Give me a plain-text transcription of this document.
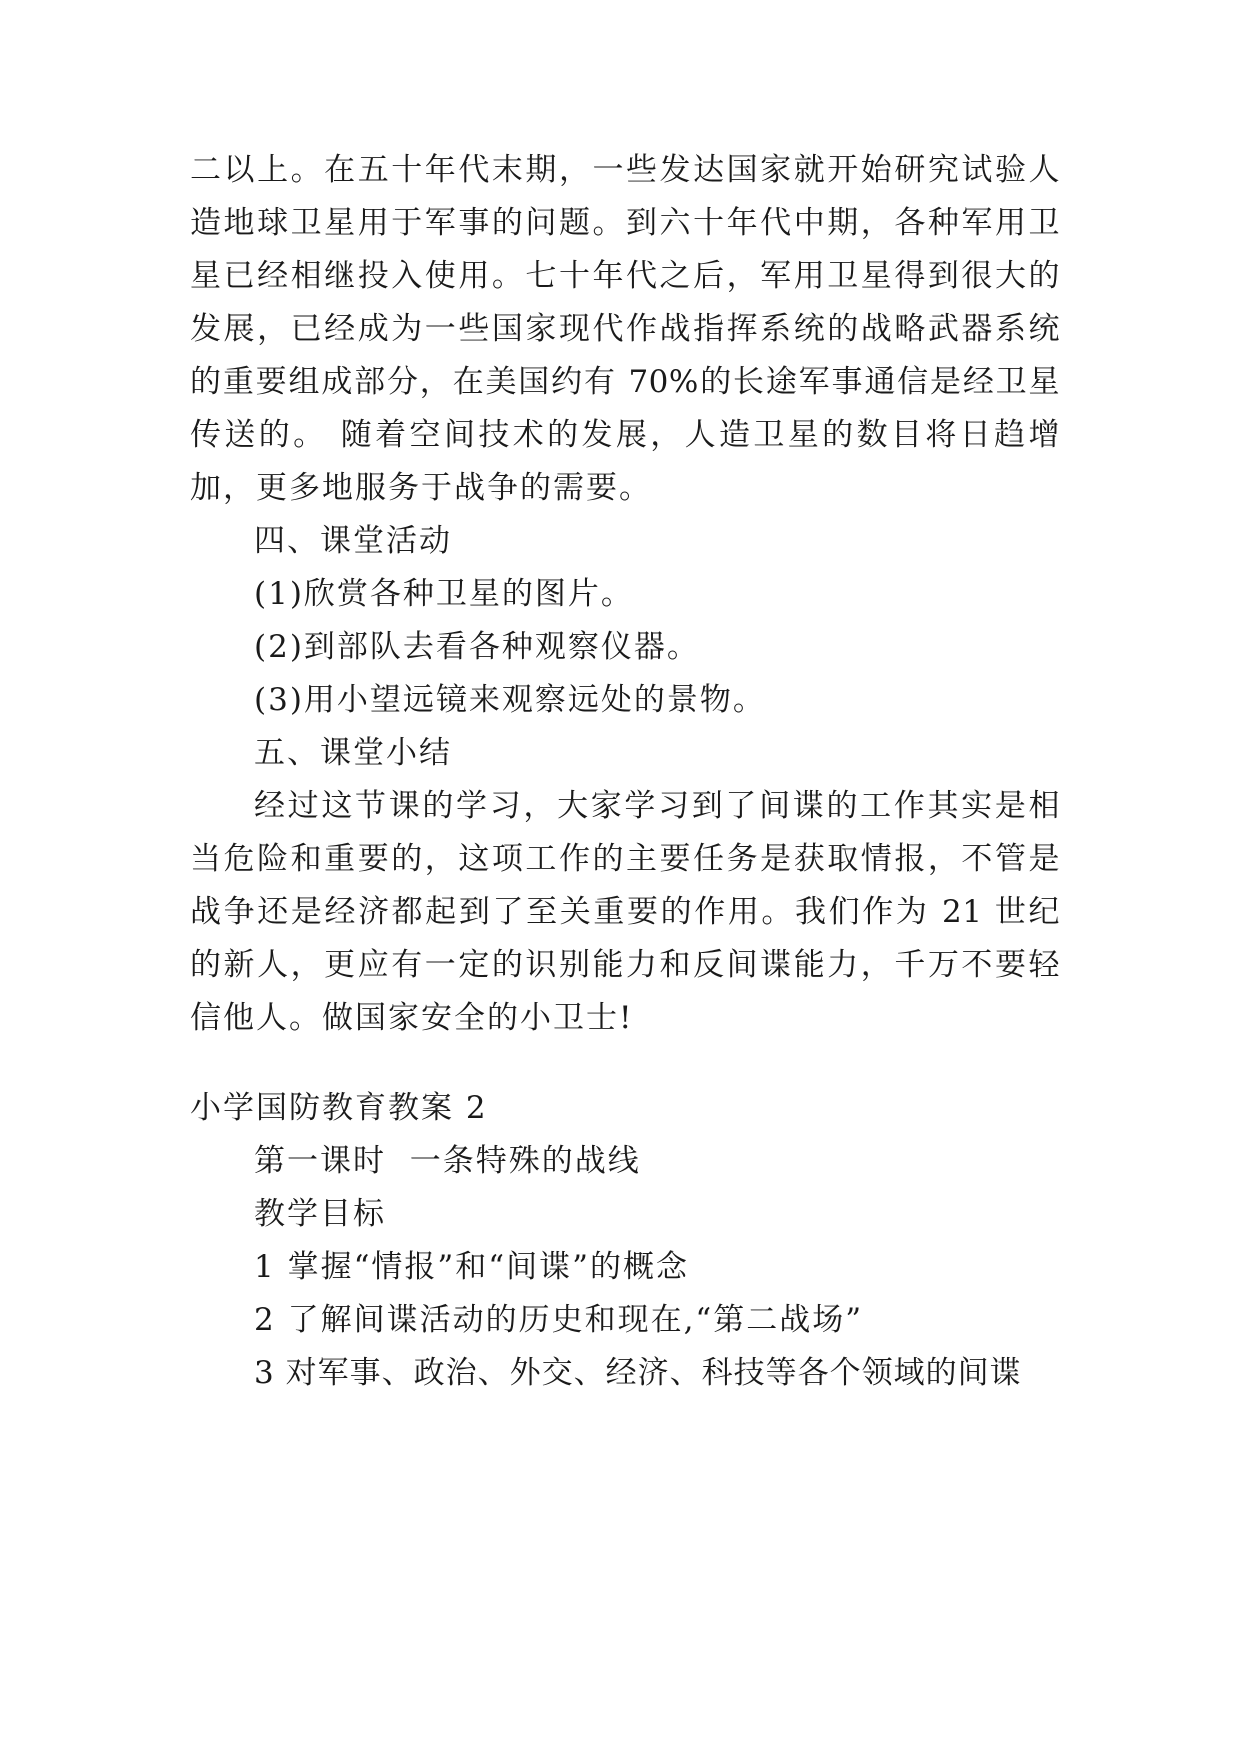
二以上。在五十年代末期，一些发达国家就开始研究试验人
造地球卫星用于军事的问题。到六十年代中期，各种军用卫
星已经相继投入使用。七十年代之后，军用卫星得到很大的
发展，已经成为一些国家现代作战指挥系统的战略武器系统
的重要组成部分，在美国约有 70%的长途军事通信是经卫星
传送的。 随着空间技术的发展，人造卫星的数目将日趋增
加，更多地服务于战争的需要。
四、课堂活动
(1)欣赏各种卫星的图片。
(2)到部队去看各种观察仪器。
(3)用小望远镜来观察远处的景物。
五、课堂小结
经过这节课的学习，大家学习到了间谍的工作其实是相
当危险和重要的，这项工作的主要任务是获取情报，不管是
战争还是经济都起到了至关重要的作用。我们作为 21 世纪
的新人，更应有一定的识别能力和反间谍能力，千万不要轻
信他人。做国家安全的小卫士!
小学国防教育教案 2
第一课时  一条特殊的战线
教学目标
1 掌握“情报”和“间谍”的概念
2 了解间谍活动的历史和现在,“第二战场”
3 对军事、政治、外交、经济、科技等各个领域的间谍
